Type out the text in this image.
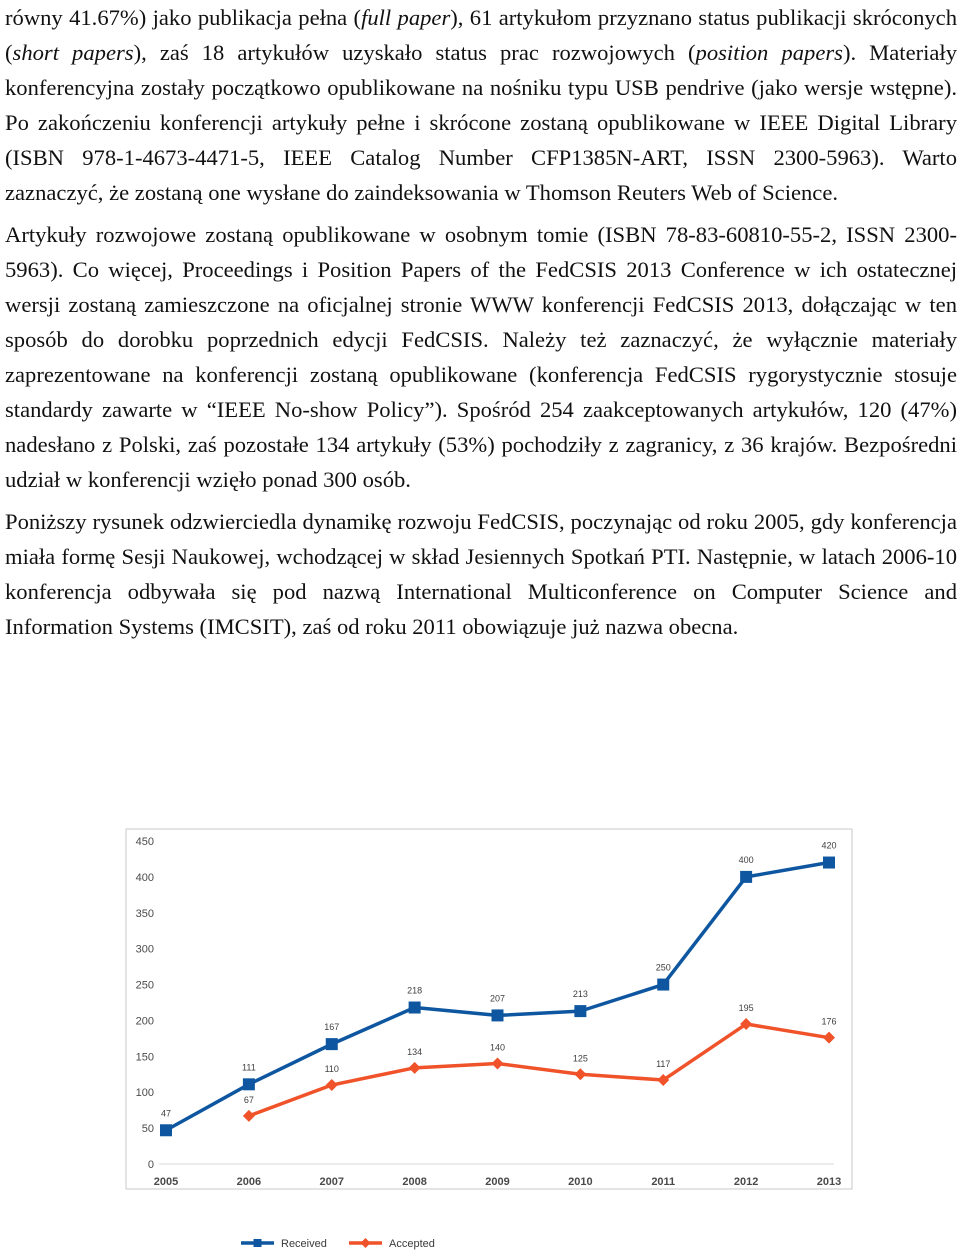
równy 41.67%) jako publikacja pełna (full paper), 61 artykułom przyznano status publikacji skróconych (short papers), zaś 18 artykułów uzyskało status prac rozwojowych (position papers). Materiały konferencyjna zostały początkowo opublikowane na nośniku typu USB pendrive (jako wersje wstępne). Po zakończeniu konferencji artykuły pełne i skrócone zostaną opublikowane w IEEE Digital Library (ISBN 978-1-4673-4471-5, IEEE Catalog Number CFP1385N-ART, ISSN 2300-5963). Warto zaznaczyć, że zostaną one wysłane do zaindeksowania w Thomson Reuters Web of Science.

Artykuły rozwojowe zostaną opublikowane w osobnym tomie (ISBN 78-83-60810-55-2, ISSN 2300-5963). Co więcej, Proceedings i Position Papers of the FedCSIS 2013 Conference w ich ostatecznej wersji zostaną zamieszczone na oficjalnej stronie WWW konferencji FedCSIS 2013, dołączając w ten sposób do dorobku poprzednich edycji FedCSIS. Należy też zaznaczyć, że wyłącznie materiały zaprezentowane na konferencji zostaną opublikowane (konferencja FedCSIS rygorystycznie stosuje standardy zawarte w “IEEE No-show Policy”). Spośród 254 zaakceptowanych artykułów, 120 (47%) nadesłano z Polski, zaś pozostałe 134 artykuły (53%) pochodziły z zagranicy, z 36 krajów. Bezpośredni udział w konferencji wzięło ponad 300 osób.

Poniższy rysunek odzwierciedla dynamikę rozwoju FedCSIS, poczynając od roku 2005, gdy konferencja miała formę Sesji Naukowej, wchodzącej w skład Jesiennych Spotkań PTI. Następnie, w latach 2006-10 konferencja odbywała się pod nazwą International Multiconference on Computer Science and Information Systems (IMCSIT), zaś od roku 2011 obowiązuje już nazwa obecna.

0
50
100
150
200
250
300
350
400
450
2005	2006	2007	2008	2009	2010	2011	2012	2013
47
111
167
218
207	213
250
400
420
Received
67
110
134	140
125
117
195
176
Accepted
